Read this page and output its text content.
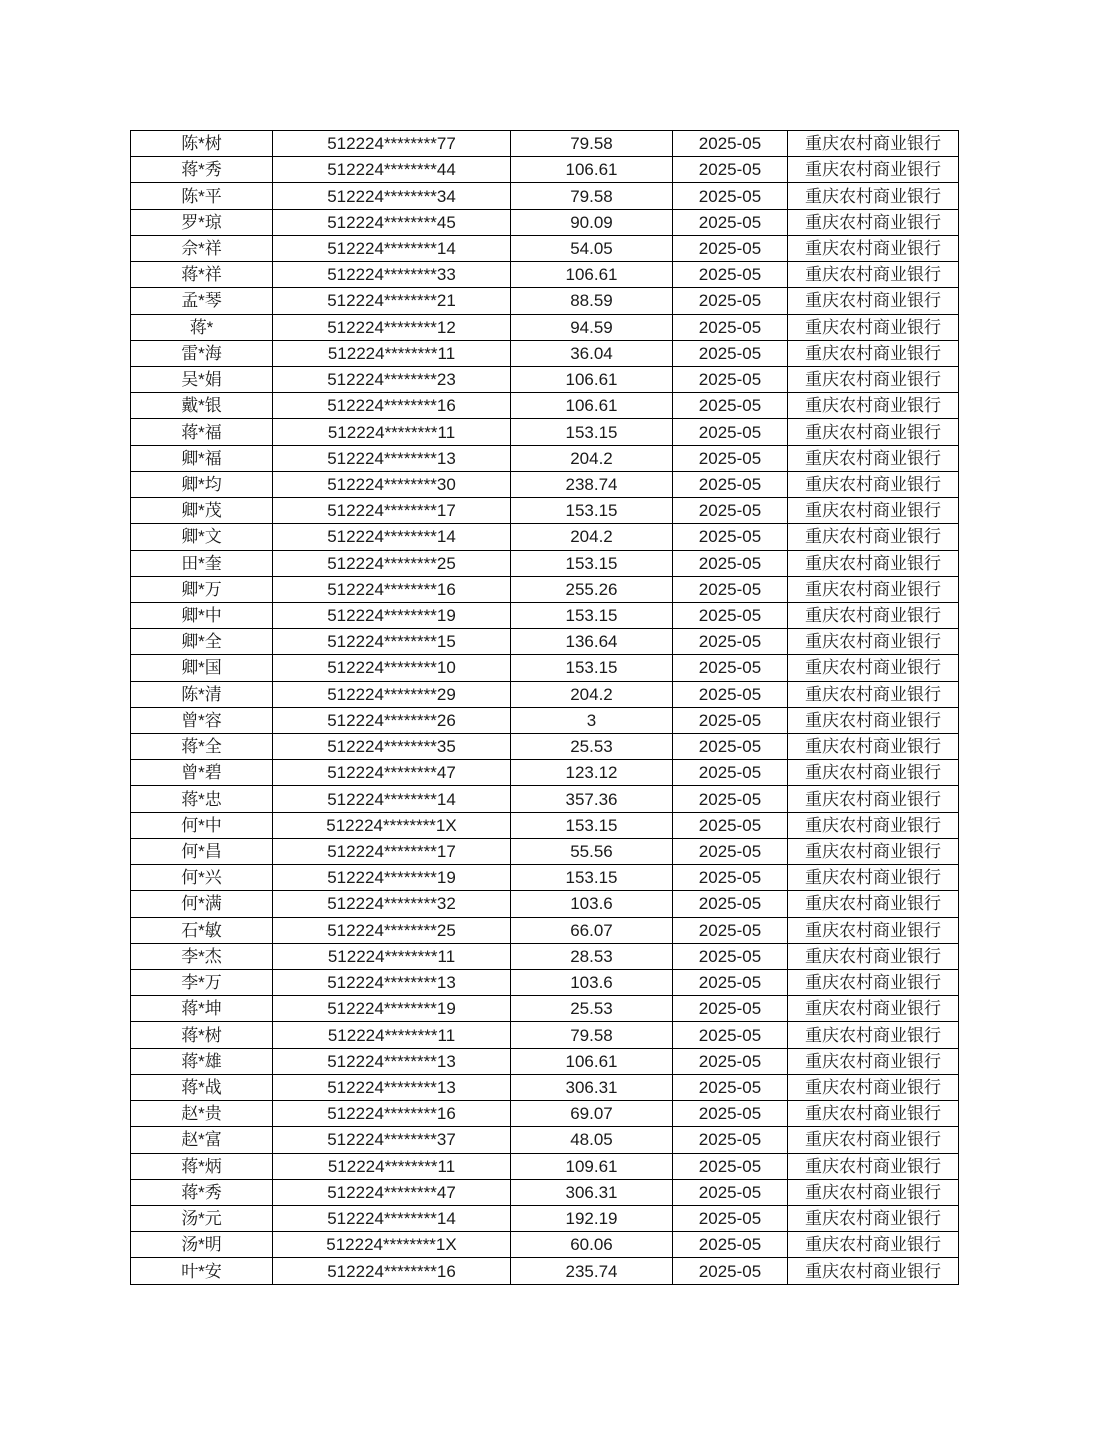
陈*树	512224********77	79.58	2025-05	重庆农村商业银行
蒋*秀	512224********44	106.61	2025-05	重庆农村商业银行
陈*平	512224********34	79.58	2025-05	重庆农村商业银行
罗*琼	512224********45	90.09	2025-05	重庆农村商业银行
佘*祥	512224********14	54.05	2025-05	重庆农村商业银行
蒋*祥	512224********33	106.61	2025-05	重庆农村商业银行
孟*琴	512224********21	88.59	2025-05	重庆农村商业银行
蒋*	512224********12	94.59	2025-05	重庆农村商业银行
雷*海	512224********11	36.04	2025-05	重庆农村商业银行
吴*娟	512224********23	106.61	2025-05	重庆农村商业银行
戴*银	512224********16	106.61	2025-05	重庆农村商业银行
蒋*福	512224********11	153.15	2025-05	重庆农村商业银行
卿*福	512224********13	204.2	2025-05	重庆农村商业银行
卿*均	512224********30	238.74	2025-05	重庆农村商业银行
卿*茂	512224********17	153.15	2025-05	重庆农村商业银行
卿*文	512224********14	204.2	2025-05	重庆农村商业银行
田*奎	512224********25	153.15	2025-05	重庆农村商业银行
卿*万	512224********16	255.26	2025-05	重庆农村商业银行
卿*中	512224********19	153.15	2025-05	重庆农村商业银行
卿*全	512224********15	136.64	2025-05	重庆农村商业银行
卿*国	512224********10	153.15	2025-05	重庆农村商业银行
陈*清	512224********29	204.2	2025-05	重庆农村商业银行
曾*容	512224********26	3	2025-05	重庆农村商业银行
蒋*全	512224********35	25.53	2025-05	重庆农村商业银行
曾*碧	512224********47	123.12	2025-05	重庆农村商业银行
蒋*忠	512224********14	357.36	2025-05	重庆农村商业银行
何*中	512224********1X	153.15	2025-05	重庆农村商业银行
何*昌	512224********17	55.56	2025-05	重庆农村商业银行
何*兴	512224********19	153.15	2025-05	重庆农村商业银行
何*满	512224********32	103.6	2025-05	重庆农村商业银行
石*敏	512224********25	66.07	2025-05	重庆农村商业银行
李*杰	512224********11	28.53	2025-05	重庆农村商业银行
李*万	512224********13	103.6	2025-05	重庆农村商业银行
蒋*坤	512224********19	25.53	2025-05	重庆农村商业银行
蒋*树	512224********11	79.58	2025-05	重庆农村商业银行
蒋*雄	512224********13	106.61	2025-05	重庆农村商业银行
蒋*战	512224********13	306.31	2025-05	重庆农村商业银行
赵*贵	512224********16	69.07	2025-05	重庆农村商业银行
赵*富	512224********37	48.05	2025-05	重庆农村商业银行
蒋*炳	512224********11	109.61	2025-05	重庆农村商业银行
蒋*秀	512224********47	306.31	2025-05	重庆农村商业银行
汤*元	512224********14	192.19	2025-05	重庆农村商业银行
汤*明	512224********1X	60.06	2025-05	重庆农村商业银行
叶*安	512224********16	235.74	2025-05	重庆农村商业银行
